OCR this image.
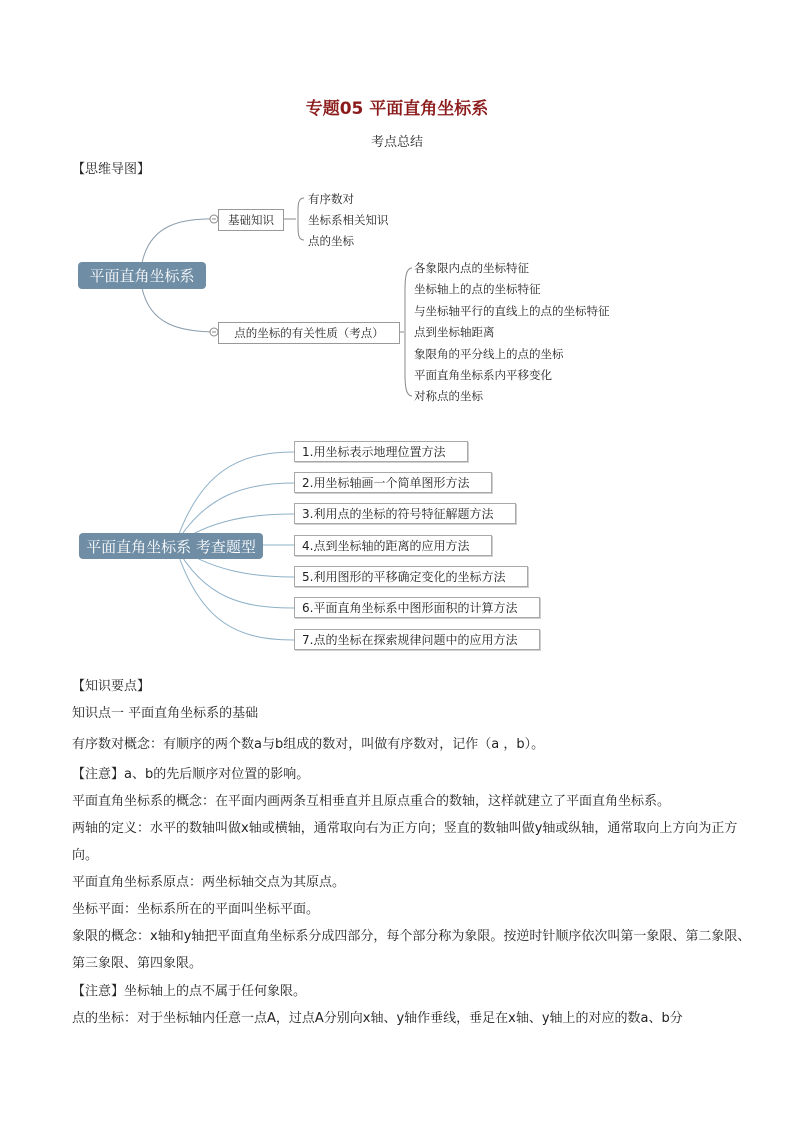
专题05 平面直角坐标系
考点总结
【思维导图】
平面直角坐标系
基础知识
有序数对
坐标系相关知识
点的坐标
点的坐标的有关性质（考点）
各象限内点的坐标特征
坐标轴上的点的坐标特征
与坐标轴平行的直线上的点的坐标特征
点到坐标轴距离
象限角的平分线上的点的坐标
平面直角坐标系内平移变化
对称点的坐标
平面直角坐标系 考查题型
1.用坐标表示地理位置方法
2.用坐标轴画一个简单图形方法
3.利用点的坐标的符号特征解题方法
4.点到坐标轴的距离的应用方法
5.利用图形的平移确定变化的坐标方法
6.平面直角坐标系中图形面积的计算方法
7.点的坐标在探索规律问题中的应用方法
【知识要点】
知识点一 平面直角坐标系的基础
有序数对概念：有顺序的两个数a与b组成的数对，叫做有序数对，记作（a ，b）。
【注意】a、b的先后顺序对位置的影响。
平面直角坐标系的概念：在平面内画两条互相垂直并且原点重合的数轴，这样就建立了平面直角坐标系。
两轴的定义：水平的数轴叫做x轴或横轴，通常取向右为正方向；竖直的数轴叫做y轴或纵轴，通常取向上方向为正方向。
平面直角坐标系原点：两坐标轴交点为其原点。
坐标平面：坐标系所在的平面叫坐标平面。
象限的概念：x轴和y轴把平面直角坐标系分成四部分，每个部分称为象限。按逆时针顺序依次叫第一象限、第二象限、第三象限、第四象限。
【注意】坐标轴上的点不属于任何象限。
点的坐标：对于坐标轴内任意一点A，过点A分别向x轴、y轴作垂线，垂足在x轴、y轴上的对应的数a、b分
